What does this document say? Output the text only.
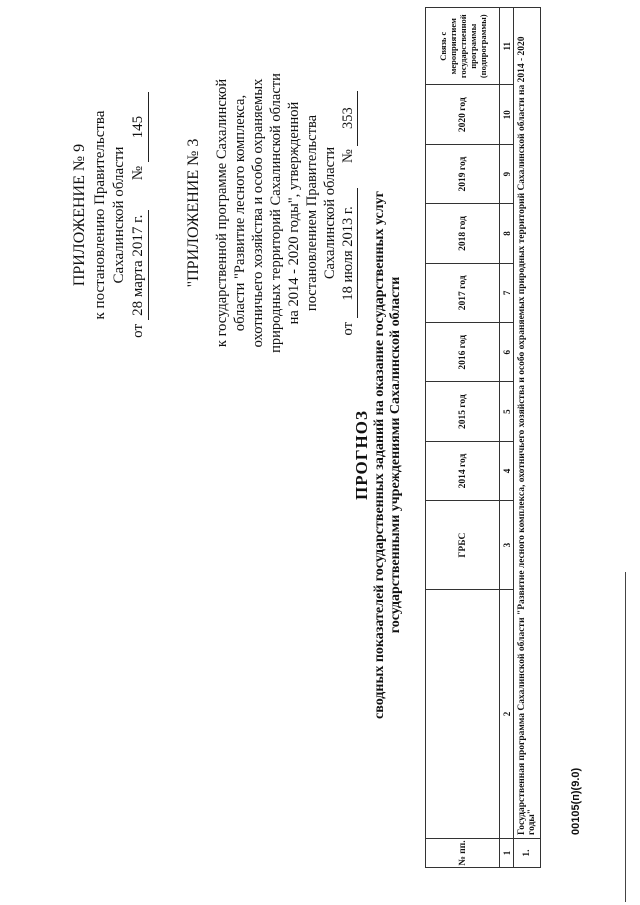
ПРИЛОЖЕНИЕ № 9 к постановлению Правительства Сахалинской области
от 28 марта 2017 г.        № 145
"ПРИЛОЖЕНИЕ № 3 к государственной программе Сахалинской области "Развитие лесного комплекса, охотничьего хозяйства и особо охраняемых природных территорий Сахалинской области на 2014 - 2020 годы", утвержденной постановлением Правительства Сахалинской области
от 18 июля 2013 г.       № 353
ПРОГНОЗ сводных показателей государственных заданий на оказание государственных услуг государственными учреждениями Сахалинской области
№ пп.		ГРБС	2014 год	2015 год	2016 год	2017 год	2018 год	2019 год	2020 год	Связь с мероприятием государственной программы (подпрограммы)
1	2	3	4	5	6	7	8	9	10	11
1.	Государственная программа Сахалинской области "Развитие лесного комплекса, охотничьего хозяйства и особо охраняемых природных территорий Сахалинской области на 2014 - 2020 годы"										00105(п)(9.0)
